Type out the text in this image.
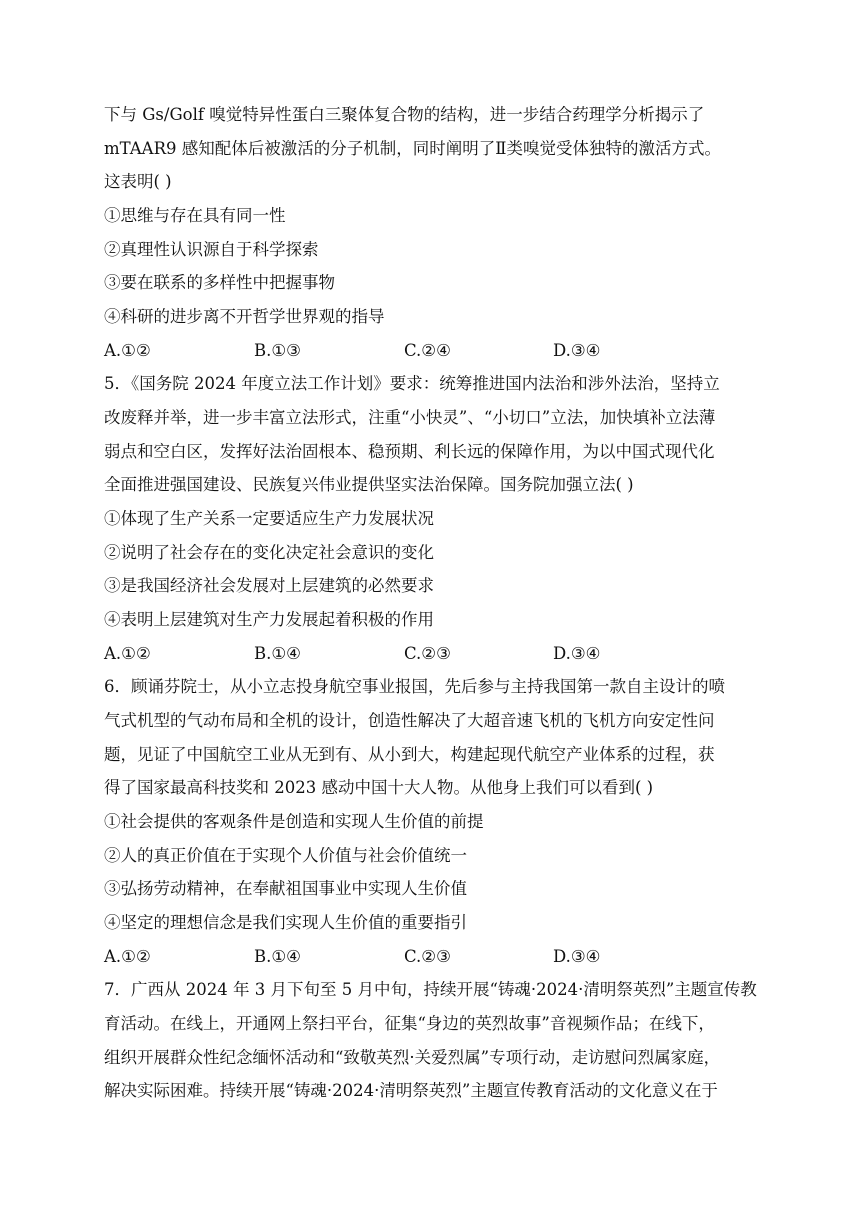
下与 Gs/Golf 嗅觉特异性蛋白三聚体复合物的结构，进一步结合药理学分析揭示了
mTAAR9 感知配体后被激活的分子机制，同时阐明了Ⅱ类嗅觉受体独特的激活方式。
这表明( )
①思维与存在具有同一性
②真理性认识源自于科学探索
③要在联系的多样性中把握事物
④科研的进步离不开哲学世界观的指导
A.①②	B.①③	C.②④	D.③④
5．《国务院 2024 年度立法工作计划》要求：统筹推进国内法治和涉外法治，坚持立
改废释并举，进一步丰富立法形式，注重“小快灵”、“小切口”立法，加快填补立法薄
弱点和空白区，发挥好法治固根本、稳预期、利长远的保障作用，为以中国式现代化
全面推进强国建设、民族复兴伟业提供坚实法治保障。国务院加强立法( )
①体现了生产关系一定要适应生产力发展状况
②说明了社会存在的变化决定社会意识的变化
③是我国经济社会发展对上层建筑的必然要求
④表明上层建筑对生产力发展起着积极的作用
A.①②	B.①④	C.②③	D.③④
6．顾诵芬院士，从小立志投身航空事业报国，先后参与主持我国第一款自主设计的喷
气式机型的气动布局和全机的设计，创造性解决了大超音速飞机的飞机方向安定性问
题，见证了中国航空工业从无到有、从小到大，构建起现代航空产业体系的过程，获
得了国家最高科技奖和 2023 感动中国十大人物。从他身上我们可以看到( )
①社会提供的客观条件是创造和实现人生价值的前提
②人的真正价值在于实现个人价值与社会价值统一
③弘扬劳动精神，在奉献祖国事业中实现人生价值
④坚定的理想信念是我们实现人生价值的重要指引
A.①②	B.①④	C.②③	D.③④
7．广西从 2024 年 3 月下旬至 5 月中旬，持续开展“铸魂·2024·清明祭英烈”主题宣传教
育活动。在线上，开通网上祭扫平台，征集“身边的英烈故事”音视频作品；在线下，
组织开展群众性纪念缅怀活动和“致敬英烈·关爱烈属”专项行动，走访慰问烈属家庭，
解决实际困难。持续开展“铸魂·2024·清明祭英烈”主题宣传教育活动的文化意义在于
